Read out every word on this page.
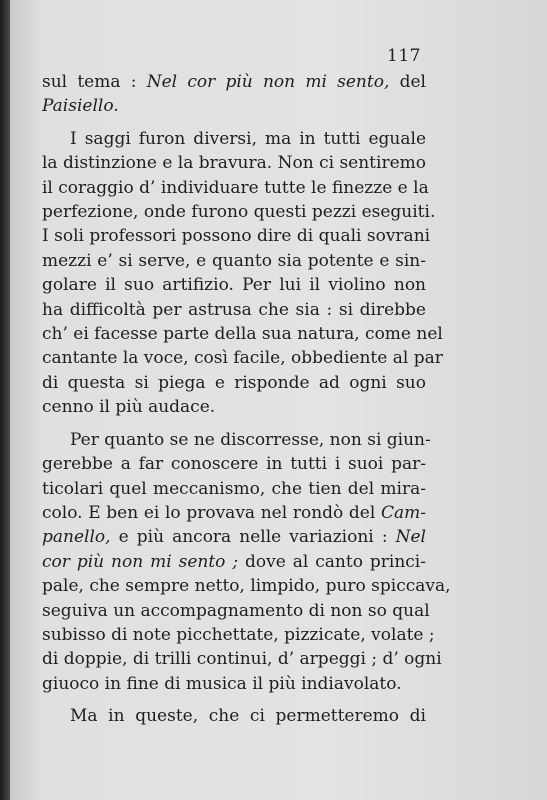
117
sul tema : Nel cor più non mi sento, del
Paisiello.
I saggi furon diversi, ma in tutti eguale
la distinzione e la bravura. Non ci sentiremo
il coraggio d’ individuare tutte le finezze e la
perfezione, onde furono questi pezzi eseguiti.
I soli professori possono dire di quali sovrani
mezzi e’ si serve, e quanto sia potente e sin-
golare il suo artifizio. Per lui il violino non
ha difficoltà per astrusa che sia : si direbbe
ch’ ei facesse parte della sua natura, come nel
cantante la voce, così facile, obbediente al par
di questa si piega e risponde ad ogni suo
cenno il più audace.
Per quanto se ne discorresse, non si giun-
gerebbe a far conoscere in tutti i suoi par-
ticolari quel meccanismo, che tien del mira-
colo. E ben ei lo provava nel rondò del Cam-
panello, e più ancora nelle variazioni : Nel
cor più non mi sento ; dove al canto princi-
pale, che sempre netto, limpido, puro spiccava,
seguiva un accompagnamento di non so qual
subisso di note picchettate, pizzicate, volate ;
di doppie, di trilli continui, d’ arpeggi ; d’ ogni
giuoco in fine di musica il più indiavolato.
Ma in queste, che ci permetteremo di
